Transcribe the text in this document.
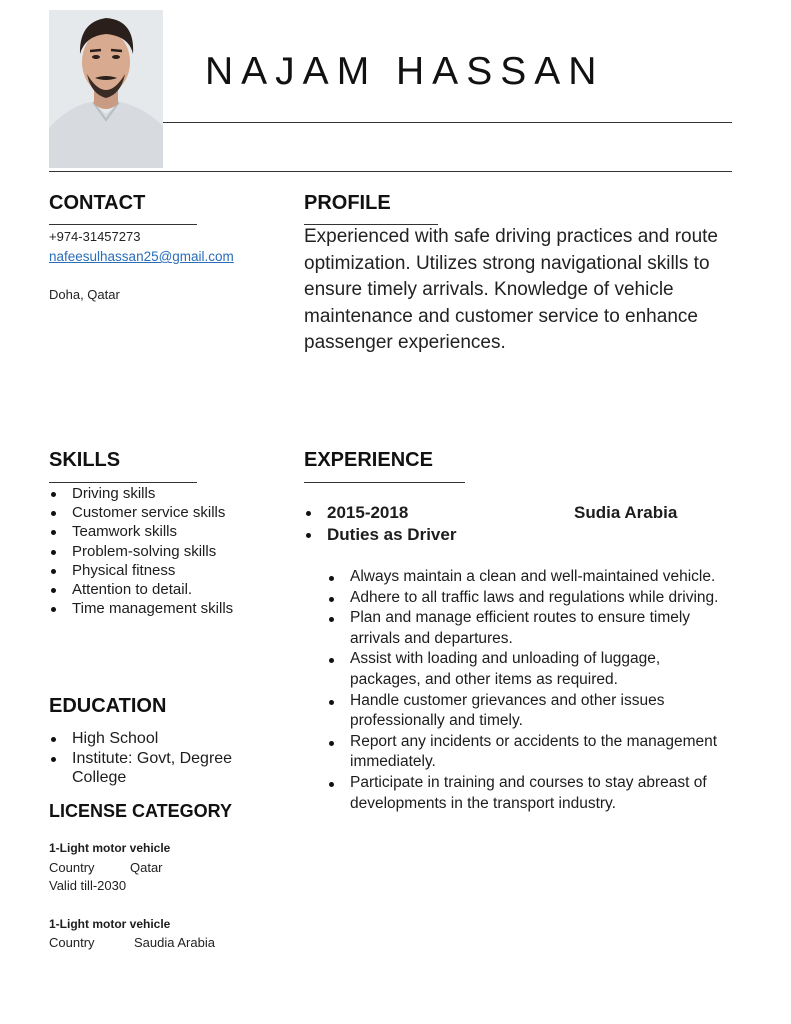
NAJAM HASSAN
CONTACT
+974-31457273
nafeesulhassan25@gmail.com
Doha, Qatar
PROFILE
Experienced with safe driving practices and route optimization. Utilizes strong navigational skills to ensure timely arrivals. Knowledge of vehicle maintenance and customer service to enhance passenger experiences.
SKILLS
Driving skills
Customer service skills
Teamwork skills
Problem-solving skills
Physical fitness
Attention to detail.
Time management skills
EDUCATION
High School
Institute: Govt, Degree College
LICENSE CATEGORY
1-Light motor vehicle
Country	Qatar
Valid till-2030
1-Light motor vehicle
Country	Saudia Arabia
EXPERIENCE
2015-2018	Sudia Arabia
Duties as Driver
Always maintain a clean and well-maintained vehicle.
Adhere to all traffic laws and regulations while driving.
Plan and manage efficient routes to ensure timely arrivals and departures.
Assist with loading and unloading of luggage, packages, and other items as required.
Handle customer grievances and other issues professionally and timely.
Report any incidents or accidents to the management immediately.
Participate in training and courses to stay abreast of developments in the transport industry.
